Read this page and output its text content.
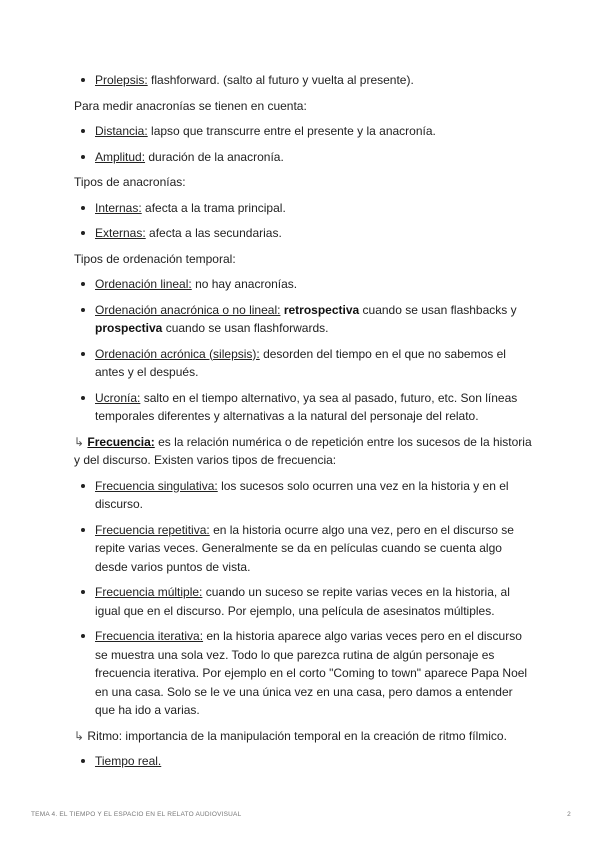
Prolepsis: flashforward. (salto al futuro y vuelta al presente).

Para medir anacronías se tienen en cuenta:

Distancia: lapso que transcurre entre el presente y la anacronía.
Amplitud: duración de la anacronía.

Tipos de anacronías:

Internas: afecta a la trama principal.
Externas: afecta a las secundarias.

Tipos de ordenación temporal:

Ordenación lineal: no hay anacronías.
Ordenación anacrónica o no lineal: retrospectiva cuando se usan flashbacks y prospectiva cuando se usan flashforwards.
Ordenación acrónica (silepsis): desorden del tiempo en el que no sabemos el antes y el después.
Ucronía: salto en el tiempo alternativo, ya sea al pasado, futuro, etc. Son líneas temporales diferentes y alternativas a la natural del personaje del relato.

↳ Frecuencia: es la relación numérica o de repetición entre los sucesos de la historia y del discurso. Existen varios tipos de frecuencia:

Frecuencia singulativa: los sucesos solo ocurren una vez en la historia y en el discurso.
Frecuencia repetitiva: en la historia ocurre algo una vez, pero en el discurso se repite varias veces. Generalmente se da en películas cuando se cuenta algo desde varios puntos de vista.
Frecuencia múltiple: cuando un suceso se repite varias veces en la historia, al igual que en el discurso. Por ejemplo, una película de asesinatos múltiples.
Frecuencia iterativa: en la historia aparece algo varias veces pero en el discurso se muestra una sola vez. Todo lo que parezca rutina de algún personaje es frecuencia iterativa. Por ejemplo en el corto "Coming to town" aparece Papa Noel en una casa. Solo se le ve una única vez en una casa, pero damos a entender que ha ido a varias.

↳ Ritmo: importancia de la manipulación temporal en la creación de ritmo fílmico.

Tiempo real.
TEMA 4. EL TIEMPO Y EL ESPACIO EN EL RELATO AUDIOVISUAL	2
